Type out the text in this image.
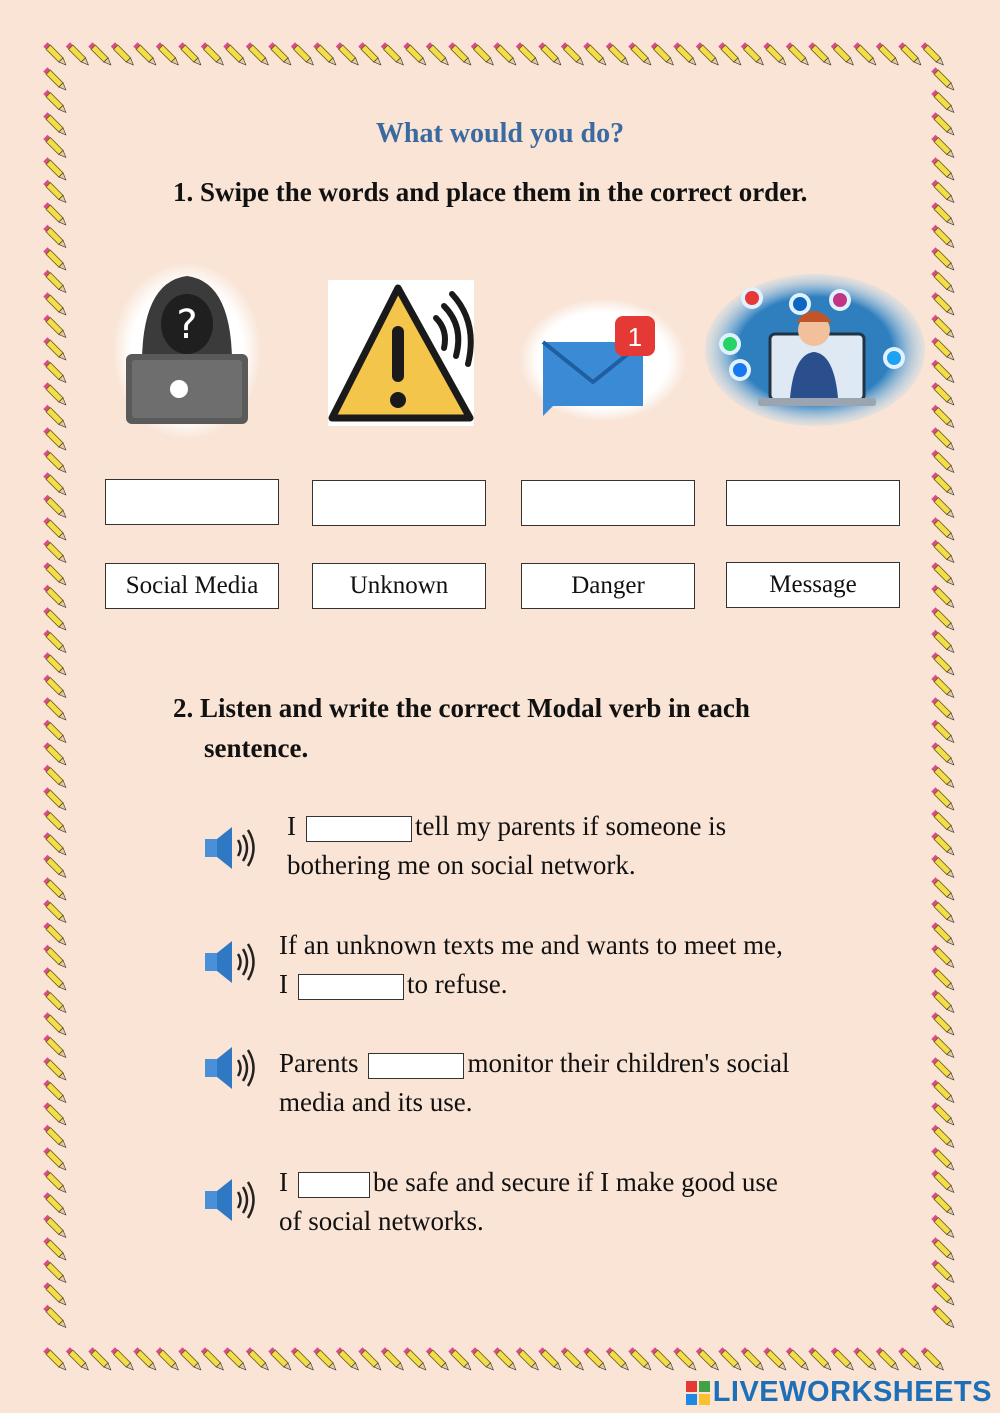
What would you do?
1. Swipe the words and place them in the correct order.
?	1
Social Media	Unknown	Danger	Message
2. Listen and write the correct Modal verb in each
sentence.
I	tell my parents if someone is
bothering me on social network.
If an unknown texts me and wants to meet me,
I	to refuse.
Parents	monitor their children's social
media and its use.
I	be safe and secure if I make good use
of social networks.
LIVEWORKSHEETS
